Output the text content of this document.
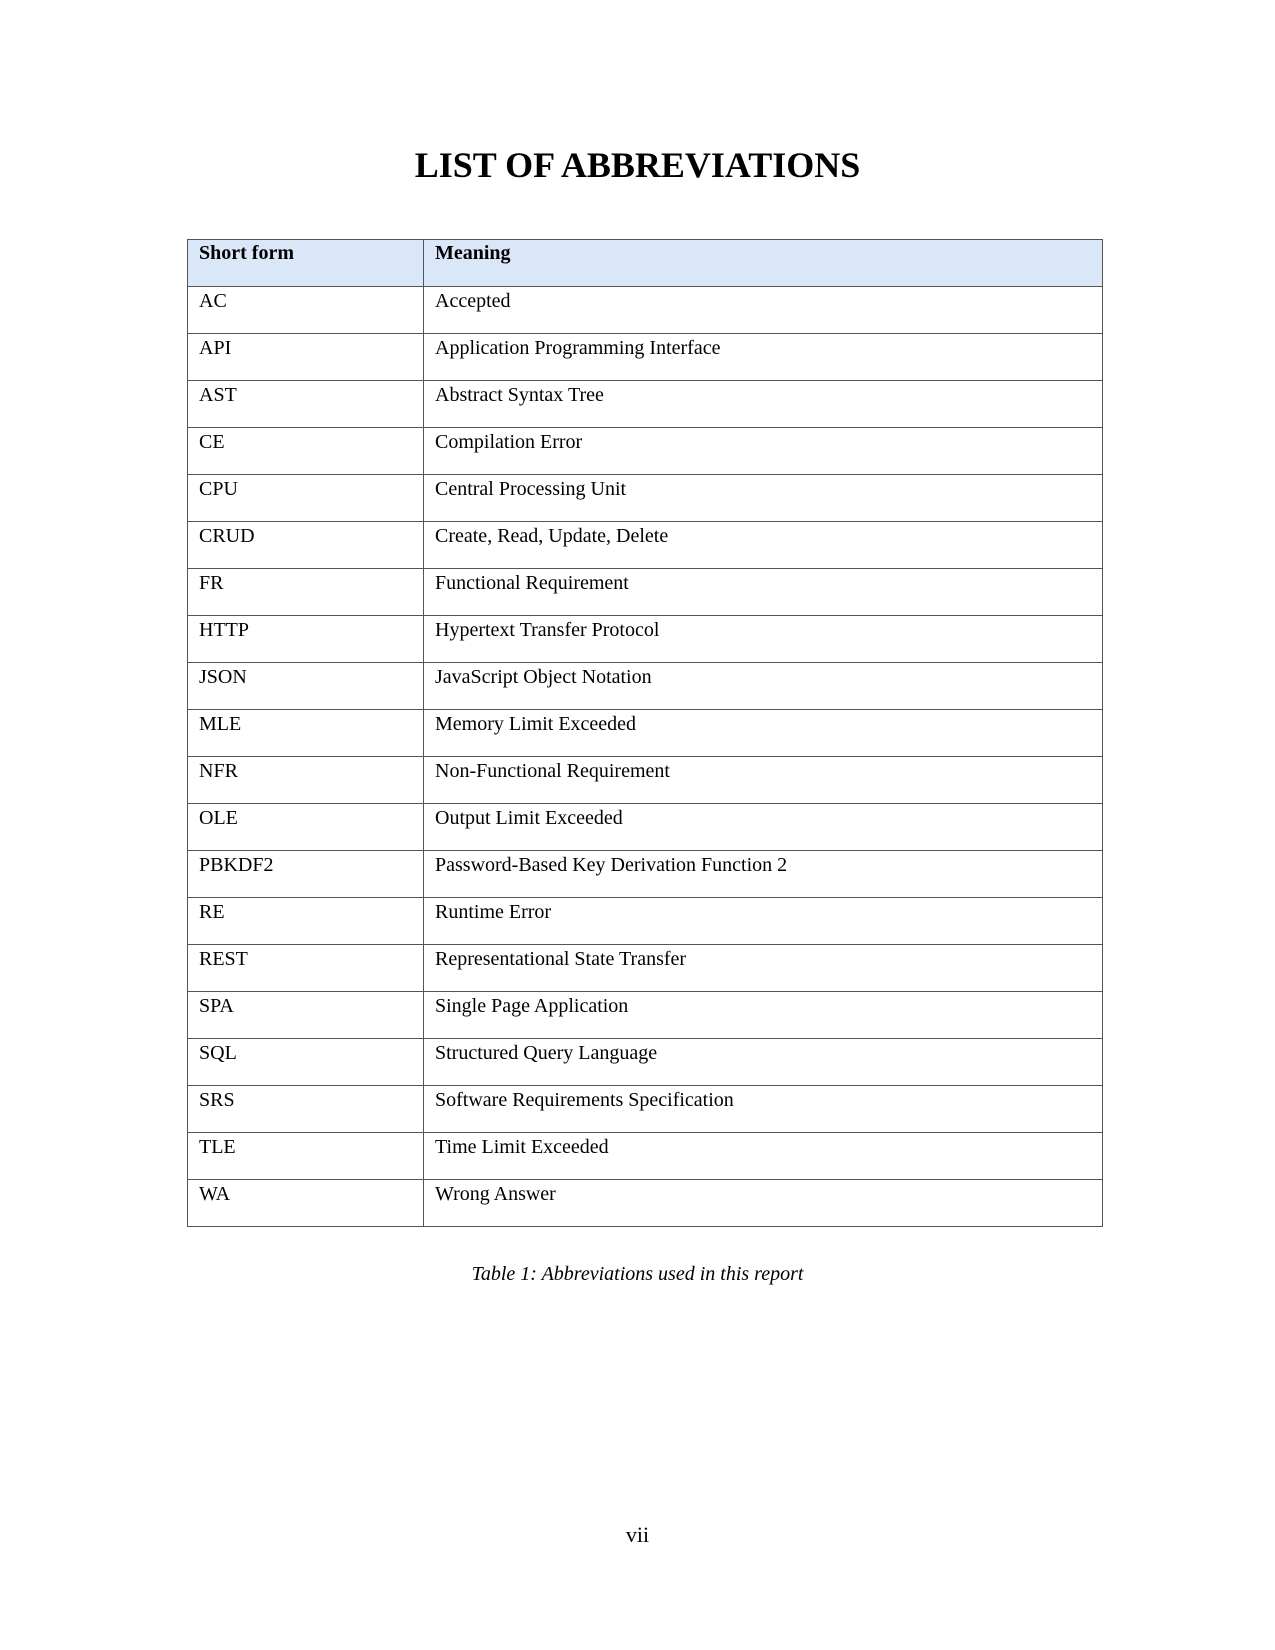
LIST OF ABBREVIATIONS
Short form	Meaning
AC	Accepted
API	Application Programming Interface
AST	Abstract Syntax Tree
CE	Compilation Error
CPU	Central Processing Unit
CRUD	Create, Read, Update, Delete
FR	Functional Requirement
HTTP	Hypertext Transfer Protocol
JSON	JavaScript Object Notation
MLE	Memory Limit Exceeded
NFR	Non-Functional Requirement
OLE	Output Limit Exceeded
PBKDF2	Password-Based Key Derivation Function 2
RE	Runtime Error
REST	Representational State Transfer
SPA	Single Page Application
SQL	Structured Query Language
SRS	Software Requirements Specification
TLE	Time Limit Exceeded
WA	Wrong Answer

Table 1: Abbreviations used in this report

vii
